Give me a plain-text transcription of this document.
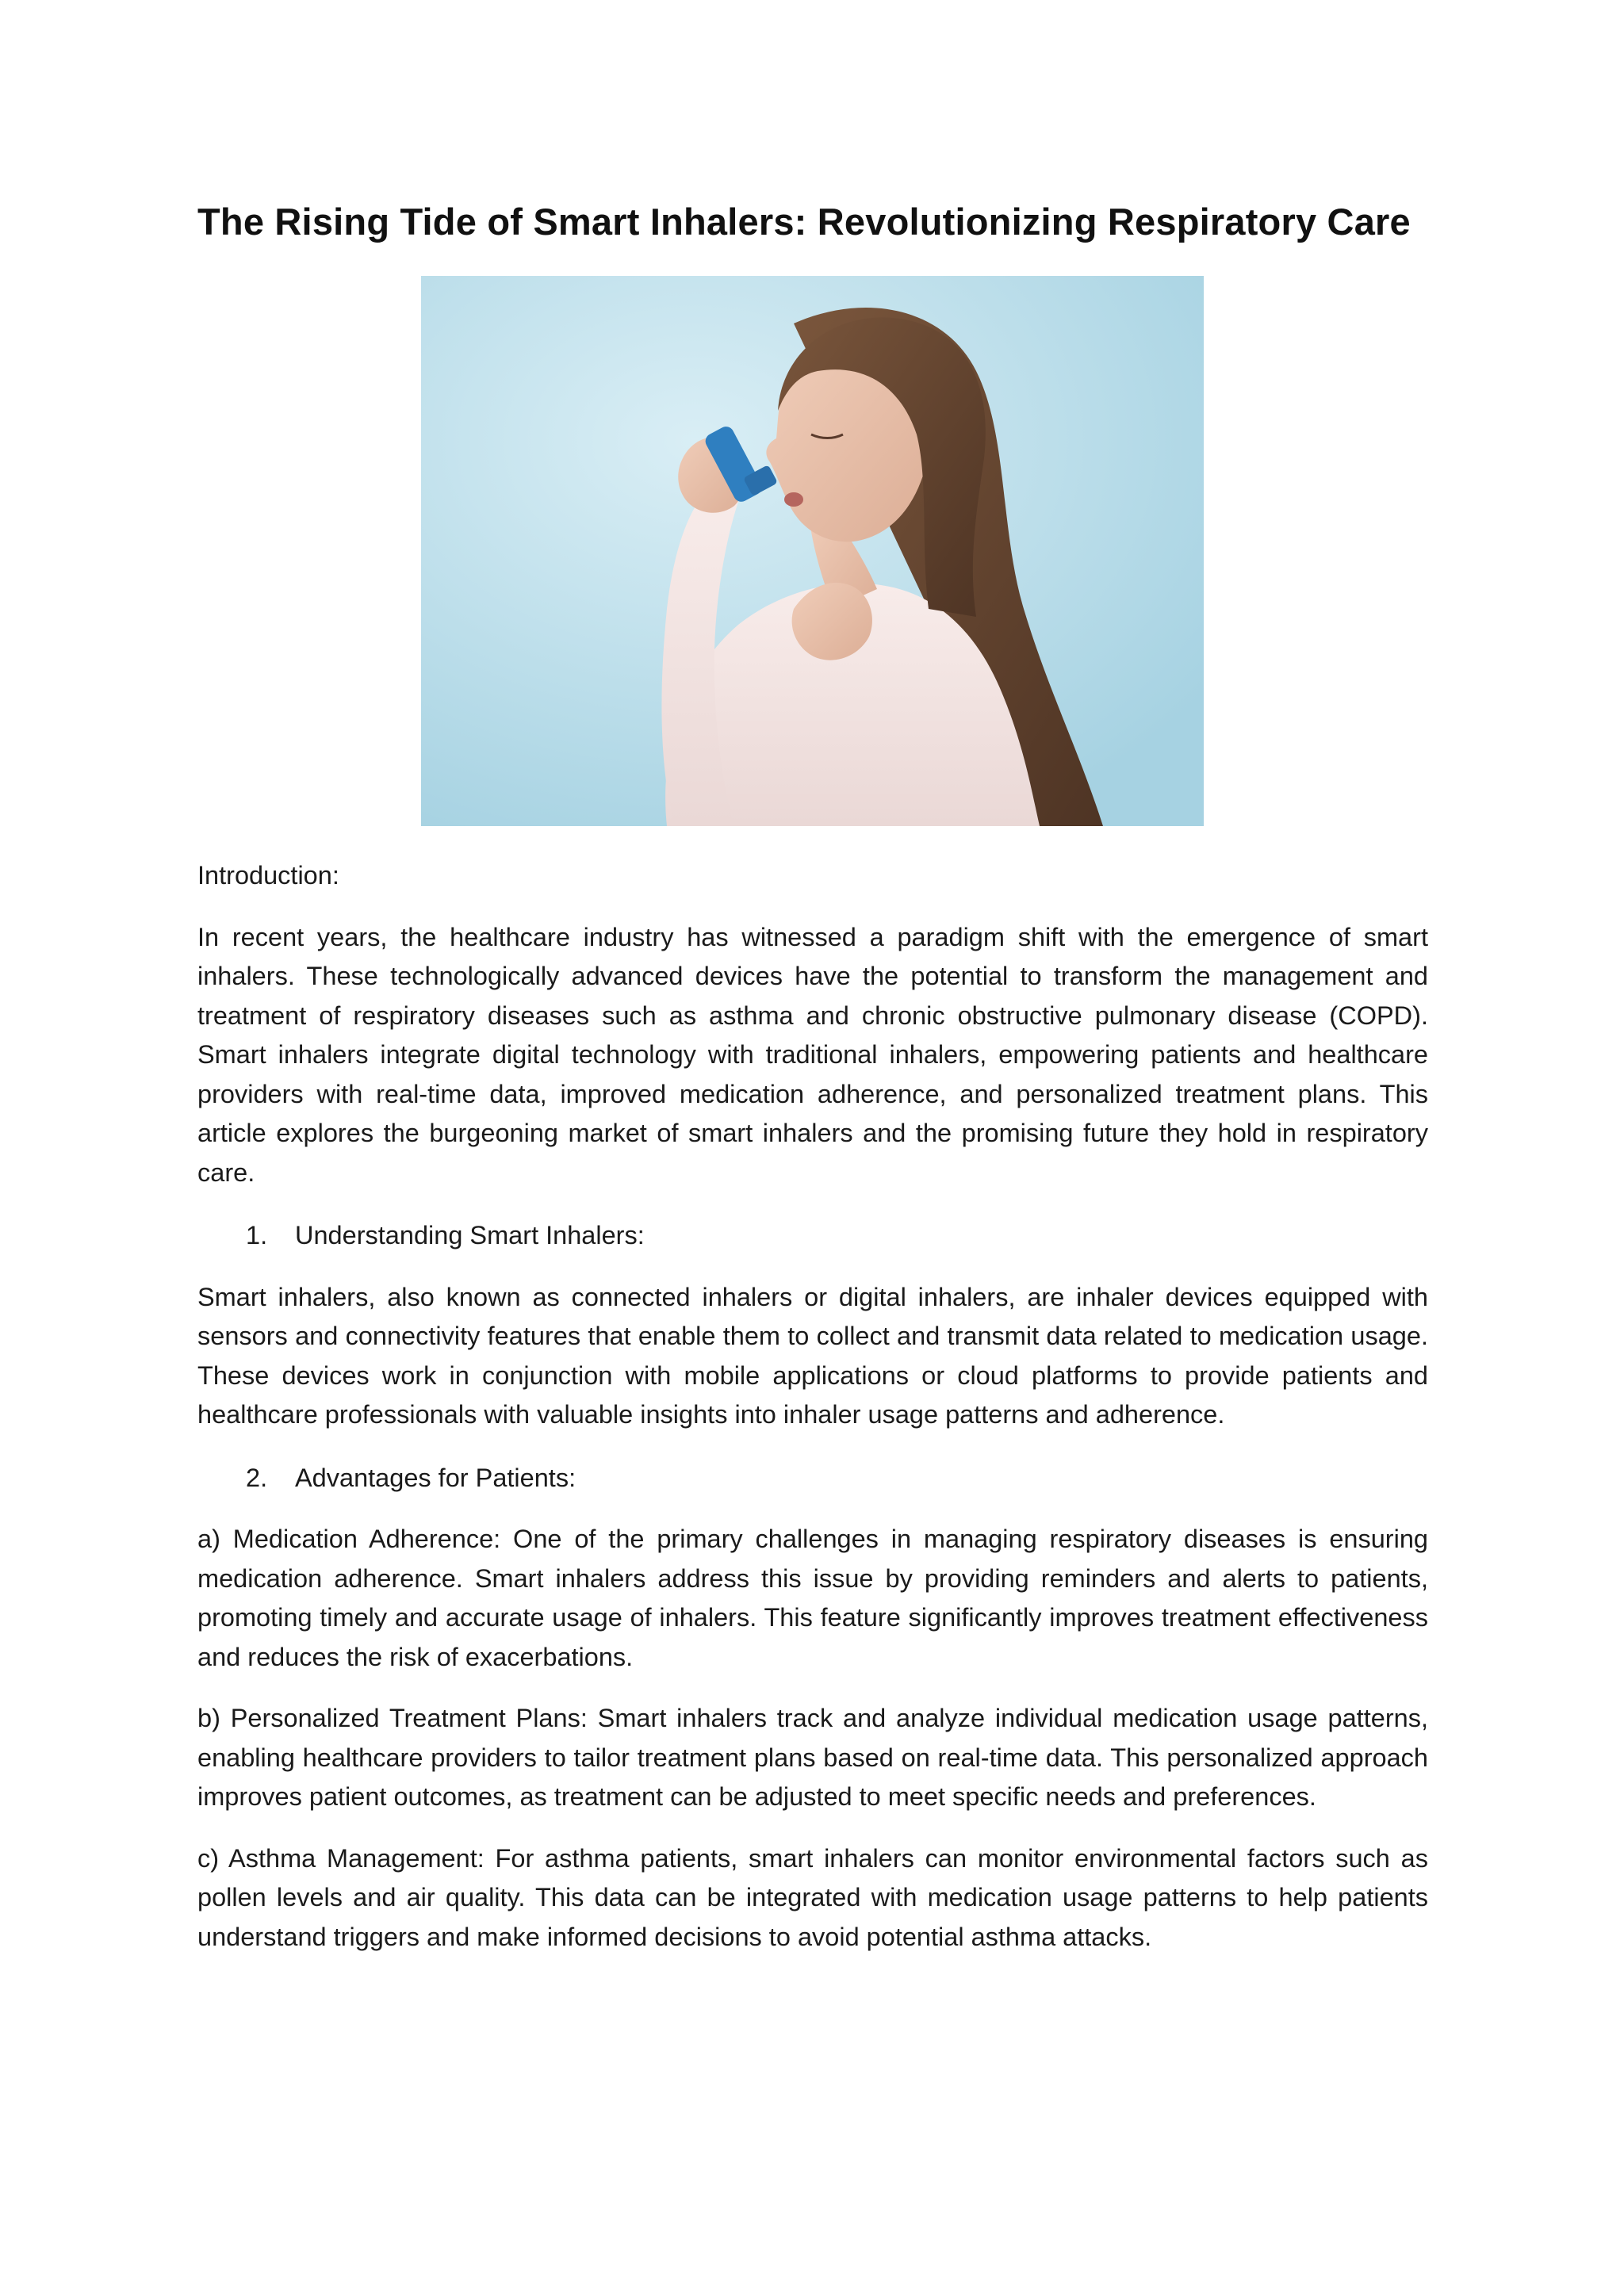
The Rising Tide of Smart Inhalers: Revolutionizing Respiratory Care

Introduction:

In recent years, the healthcare industry has witnessed a paradigm shift with the emergence of smart inhalers. These technologically advanced devices have the potential to transform the management and treatment of respiratory diseases such as asthma and chronic obstructive pulmonary disease (COPD). Smart inhalers integrate digital technology with traditional inhalers, empowering patients and healthcare providers with real-time data, improved medication adherence, and personalized treatment plans. This article explores the burgeoning market of smart inhalers and the promising future they hold in respiratory care.

1.	Understanding Smart Inhalers:

Smart inhalers, also known as connected inhalers or digital inhalers, are inhaler devices equipped with sensors and connectivity features that enable them to collect and transmit data related to medication usage. These devices work in conjunction with mobile applications or cloud platforms to provide patients and healthcare professionals with valuable insights into inhaler usage patterns and adherence.

2.	Advantages for Patients:

a) Medication Adherence: One of the primary challenges in managing respiratory diseases is ensuring medication adherence. Smart inhalers address this issue by providing reminders and alerts to patients, promoting timely and accurate usage of inhalers. This feature significantly improves treatment effectiveness and reduces the risk of exacerbations.

b) Personalized Treatment Plans: Smart inhalers track and analyze individual medication usage patterns, enabling healthcare providers to tailor treatment plans based on real-time data. This personalized approach improves patient outcomes, as treatment can be adjusted to meet specific needs and preferences.

c) Asthma Management: For asthma patients, smart inhalers can monitor environmental factors such as pollen levels and air quality. This data can be integrated with medication usage patterns to help patients understand triggers and make informed decisions to avoid potential asthma attacks.
